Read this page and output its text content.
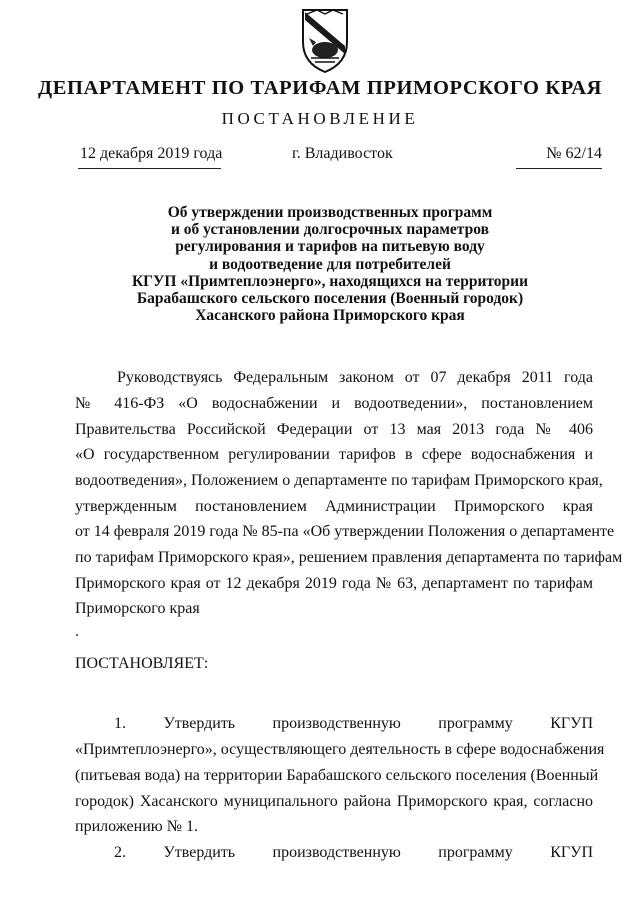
ДЕПАРТАМЕНТ ПО ТАРИФАМ ПРИМОРСКОГО КРАЯ
ПОСТАНОВЛЕНИЕ
12 декабря 2019 года	г. Владивосток	№ 62/14
Об утверждении производственных программ
и об установлении долгосрочных параметров
регулирования и тарифов на питьевую воду
и водоотведение для потребителей
КГУП «Примтеплоэнерго», находящихся на территории
Барабашского сельского поселения (Военный городок)
Хасанского района Приморского края
Руководствуясь Федеральным законом от 07 декабря 2011 года
№ 416-ФЗ «О водоснабжении и водоотведении», постановлением
Правительства Российской Федерации от 13 мая 2013 года № 406
«О государственном регулировании тарифов в сфере водоснабжения и
водоотведения», Положением о департаменте по тарифам Приморского края,
утвержденным постановлением Администрации Приморского края
от 14 февраля 2019 года № 85-па «Об утверждении Положения о департаменте
по тарифам Приморского края», решением правления департамента по тарифам
Приморского края от 12 декабря 2019 года № 63, департамент по тарифам
Приморского края
ПОСТАНОВЛЯЕТ:
1. Утвердить производственную программу КГУП
«Примтеплоэнерго», осуществляющего деятельность в сфере водоснабжения
(питьевая вода) на территории Барабашского сельского поселения (Военный
городок) Хасанского муниципального района Приморского края, согласно
приложению № 1.
2. Утвердить производственную программу КГУП
